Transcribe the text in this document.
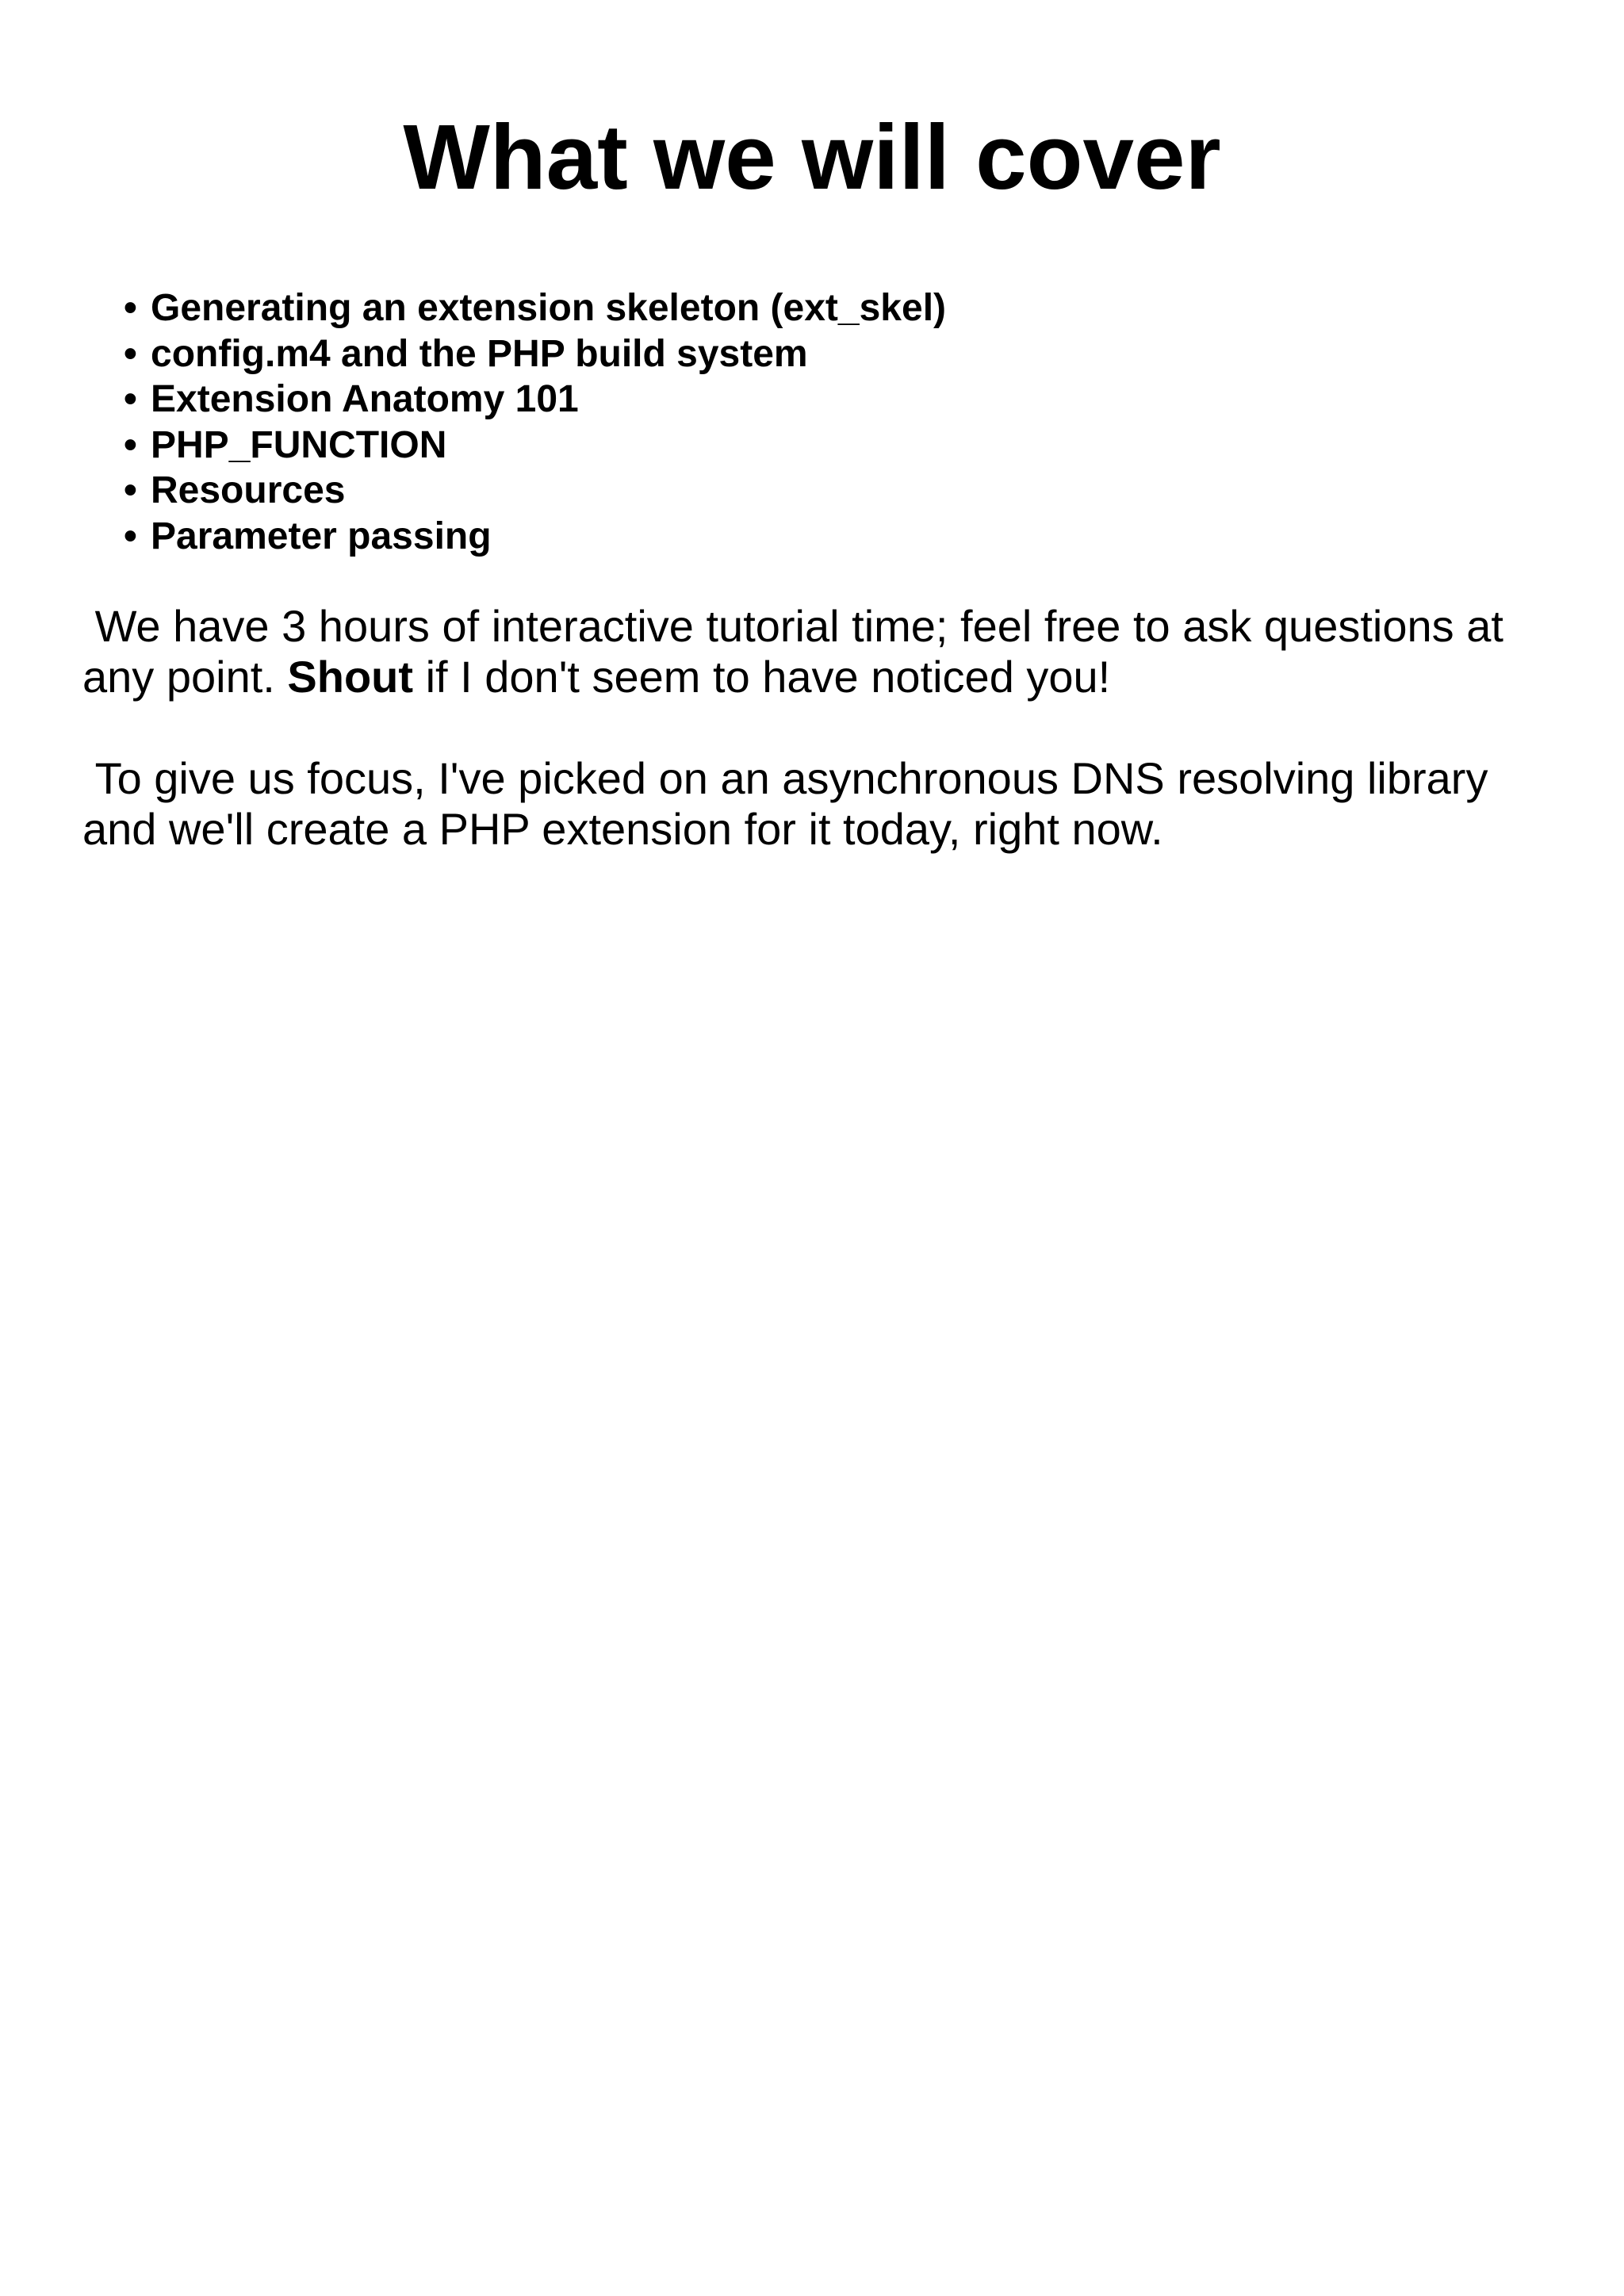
What we will cover
• Generating an extension skeleton (ext_skel)
• config.m4 and the PHP build system
• Extension Anatomy 101
• PHP_FUNCTION
• Resources
• Parameter passing

We have 3 hours of interactive tutorial time; feel free to ask questions at
any point. Shout if I don't seem to have noticed you!

To give us focus, I've picked on an asynchronous DNS resolving library
and we'll create a PHP extension for it today, right now.
